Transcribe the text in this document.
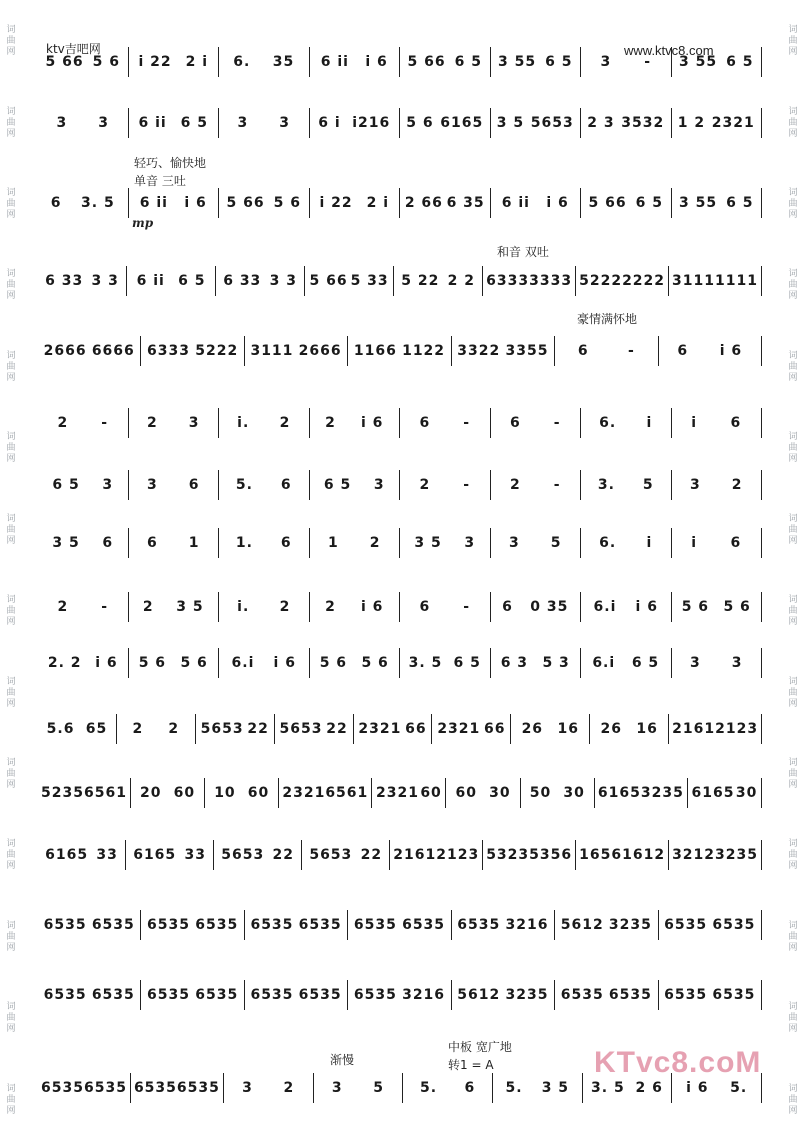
词曲网
词曲网
词曲网
词曲网
词曲网
词曲网
词曲网
词曲网
词曲网
词曲网
词曲网
词曲网
词曲网
词曲网
词曲网
词曲网
词曲网
词曲网
词曲网
词曲网
词曲网
词曲网
词曲网
词曲网
词曲网
词曲网
词曲网
词曲网
ktv吉吧网	www.ktvc8.com
5 66 5 6 i 22 2 i 6. 35 6 ii i 6 5 66 6 5 3 55 6 5 3 - 3 55 6 5
3 3 6 ii 6 5 3 3 6 i i216 5 6 6165 3 5 5653 2 3 3532 1 2 2321
6 3. 5 6 ii i 6 5 66 5 6 i 22 2 i 2 66 6 35 6 ii i 6 5 66 6 5 3 55 6 5
6 33 3 3 6 ii 6 5 6 33 3 3 5 66 5 33 5 22 2 2 6333 3333 5222 2222 3111 1111
2666 6666 6333 5222 3111 2666 1166 1122 3322 3355 6	-	6 i 6
2 -	2 3	i. 2 2 i 6	6 -	6 -	6. i	i 6
6 5 3 3 6	5. 6 6 5 3 2 -	2 -	3. 5	3 2
3 5 6 6 1	1. 6	1 2 3 5 3 3 5	6. i	i 6
2 - 2 3 5 i. 2 2 i 6	6 - 6 0 35 6.i i 6 5 6 5 6
2. 2 i 6 5 6 5 6 6.i i 6 5 6 5 6 3. 5 6 5 6 3 5 3 6.i 6 5 3 3
5.6 65 2 2 5653 22 5653 22 2321 66 2321 66 26 16 26 16 2161 2123
5235 6561 20 60 10 60 2321 6561 2321 60 60 30 50 30 6165 3235 6165 30
6165 33 6165 33 5653 22 5653 22 2161 2123 5323 5356 1656 1612 3212 3235
6535 6535 6535 6535 6535 6535 6535 6535 6535 3216 5612 3235 6535 6535
6535 6535 6535 6535 6535 6535 6535 3216 5612 3235 6535 6535 6535 6535
6535 6535 6535 6535 3 2	3 5	5. 6 5. 3 5 3. 5 2 6 i 6 5.
轻巧、愉快地
单音 三吐
mp
和音 双吐
豪情满怀地
渐慢
中板 宽广地
转1 = A	KTvc8.coM
